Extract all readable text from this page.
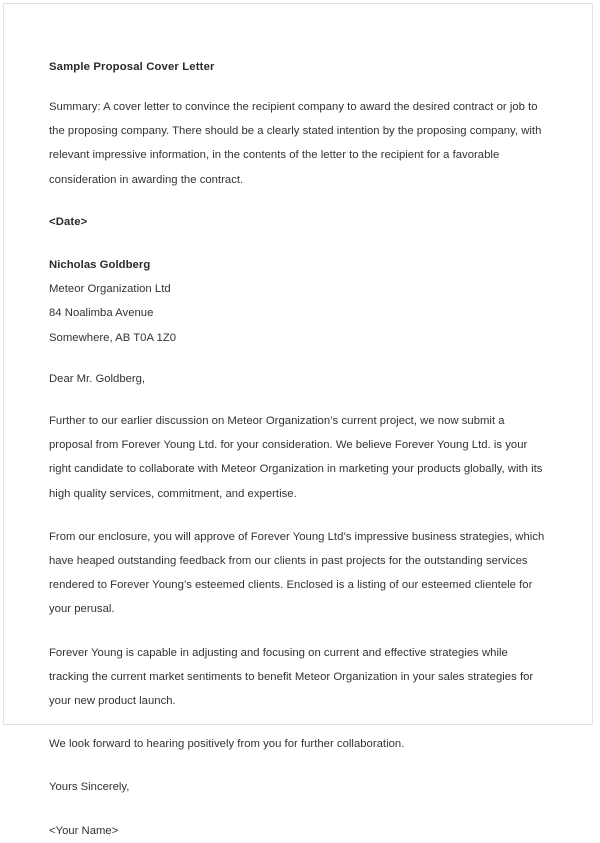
Sample Proposal Cover Letter

Summary: A cover letter to convince the recipient company to award the desired contract or job to the proposing company. There should be a clearly stated intention by the proposing company, with relevant impressive information, in the contents of the letter to the recipient for a favorable consideration in awarding the contract.

<Date>

Nicholas Goldberg

Meteor Organization Ltd

84 Noalimba Avenue

Somewhere, AB T0A 1Z0

Dear Mr. Goldberg,

Further to our earlier discussion on Meteor Organization’s current project, we now submit a proposal from Forever Young Ltd. for your consideration. We believe Forever Young Ltd. is your right candidate to collaborate with Meteor Organization in marketing your products globally, with its high quality services, commitment, and expertise.

From our enclosure, you will approve of Forever Young Ltd’s impressive business strategies, which have heaped outstanding feedback from our clients in past projects for the outstanding services rendered to Forever Young’s esteemed clients. Enclosed is a listing of our esteemed clientele for your perusal.

Forever Young is capable in adjusting and focusing on current and effective strategies while tracking the current market sentiments to benefit Meteor Organization in your sales strategies for your new product launch.

We look forward to hearing positively from you for further collaboration.

Yours Sincerely,

<Your Name>
